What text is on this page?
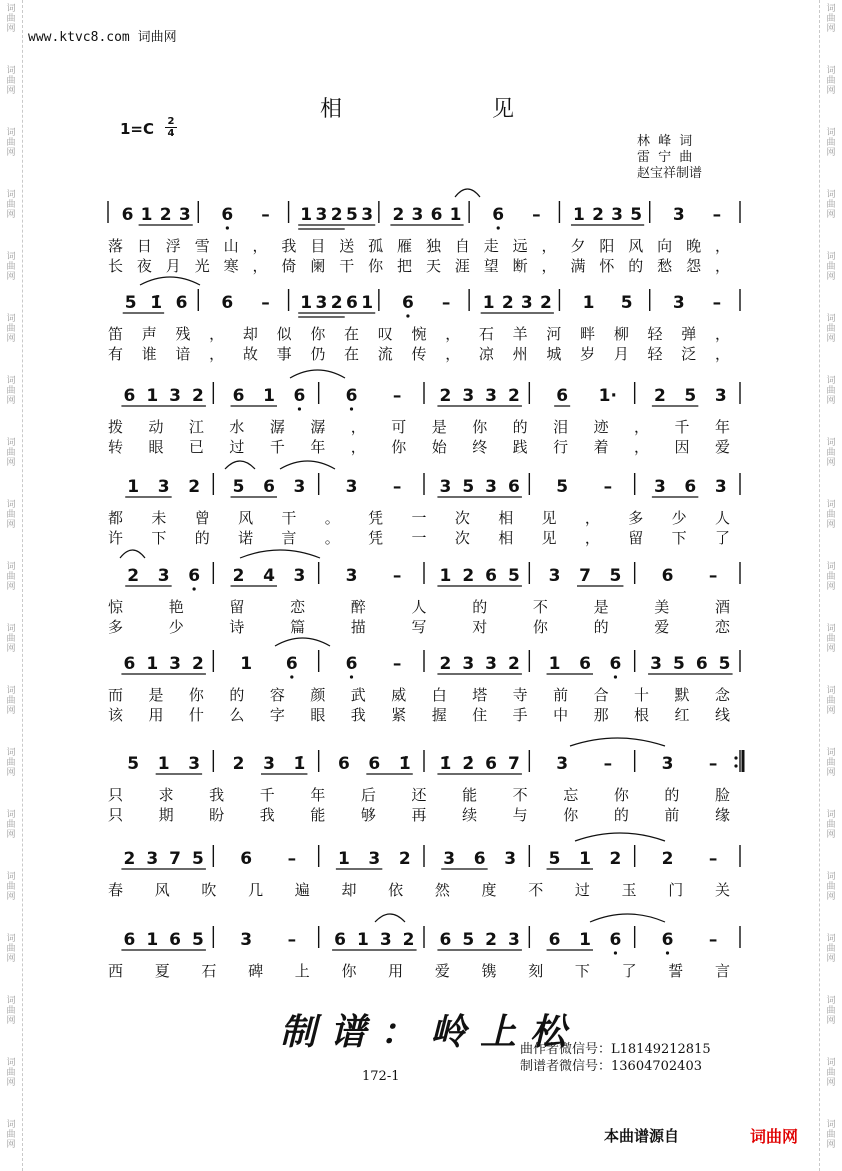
词
曲
网
词
曲
网
词
曲
网
词
曲
网
词
曲
网
词
曲
网
词
曲
网
词
曲
网
词
曲
网
词
曲
网
词
曲
网
词
曲
网
词
曲
网
词
曲
网
词
曲
网
词
曲
网
词
曲
网
词
曲
网
词
曲
网
词
曲
网
词
曲
网
词
曲
网
词
曲
网
词
曲
网
词
曲
网
词
曲
网
词
曲
网
词
曲
网
词
曲
网
词
曲
网
词
曲
网
词
曲
网
词
曲
网
词
曲
网
词
曲
网
词
曲
网
词
曲
网
词
曲
网
www.ktvc8.com 词曲网
相见
1=C 2
4
林 峰 词
雷 宁 曲
赵宝祥制谱
6 1 2 3 6 – 1 3 2 5 3 2 3 6 1 6 – 1 2 3 5 3 –
落日浮雪山，我目送孤雁独自走远，夕阳风向晚，
长夜月光寒，倚阑干你把天涯望断，满怀的愁怨，
5 1̇ 6 6 – 1 3 2 6 1 6 – 1 2 3 2 1 5 3 –
笛声残，却似你在叹惋，石羊河畔柳轻弹，
有谁谙，故事仍在流传，凉州城岁月轻泛，
6 1 3 2 6 1 6 6 – 2 3 3 2 6 1· 2 5 3
拨动江水潺潺，可是你的泪迹，千年
转眼已过千年，你始终践行着，因爱
1 3 2 5 6 3 3 – 3 5 3 6 5 – 3 6 3
都未曾风干。凭一次相见，多少人
许下的诺言。凭一次相见，留下了
2 3 6 2 4 3 3 – 1 2 6 5 3 7 5 6 –
惊艳留恋醉人的不是美酒
多少诗篇描写对你的爱恋
6 1 3 2 1 6	6 – 2 3 3 2 1 6 6 3 5 6 5
而是你的容颜武威白塔寺前合十默念
该用什么字眼我紧握住手中那根红线
5 1 3 2 3 1̇ 6 6 1̇ 1̇ 2̇ 6 7 3 –	3 –
只求我千年后还能不忘你的脸
只期盼我能够再续与你的前缘
2 3 7 5 6 – 1 3 2 3 6 3 5 1 2 2 –
春风吹几遍却依然度不过玉门关
6 1 6 5 3 – 6 1 3 2 6 5 2 3 6 1 6 6 –
西夏石碑上你用爱镌刻下了誓言
制谱：岭上松
曲作者微信号：L18149212815
制谱者微信号：13604702403
172-1
本曲谱源自	词曲网
